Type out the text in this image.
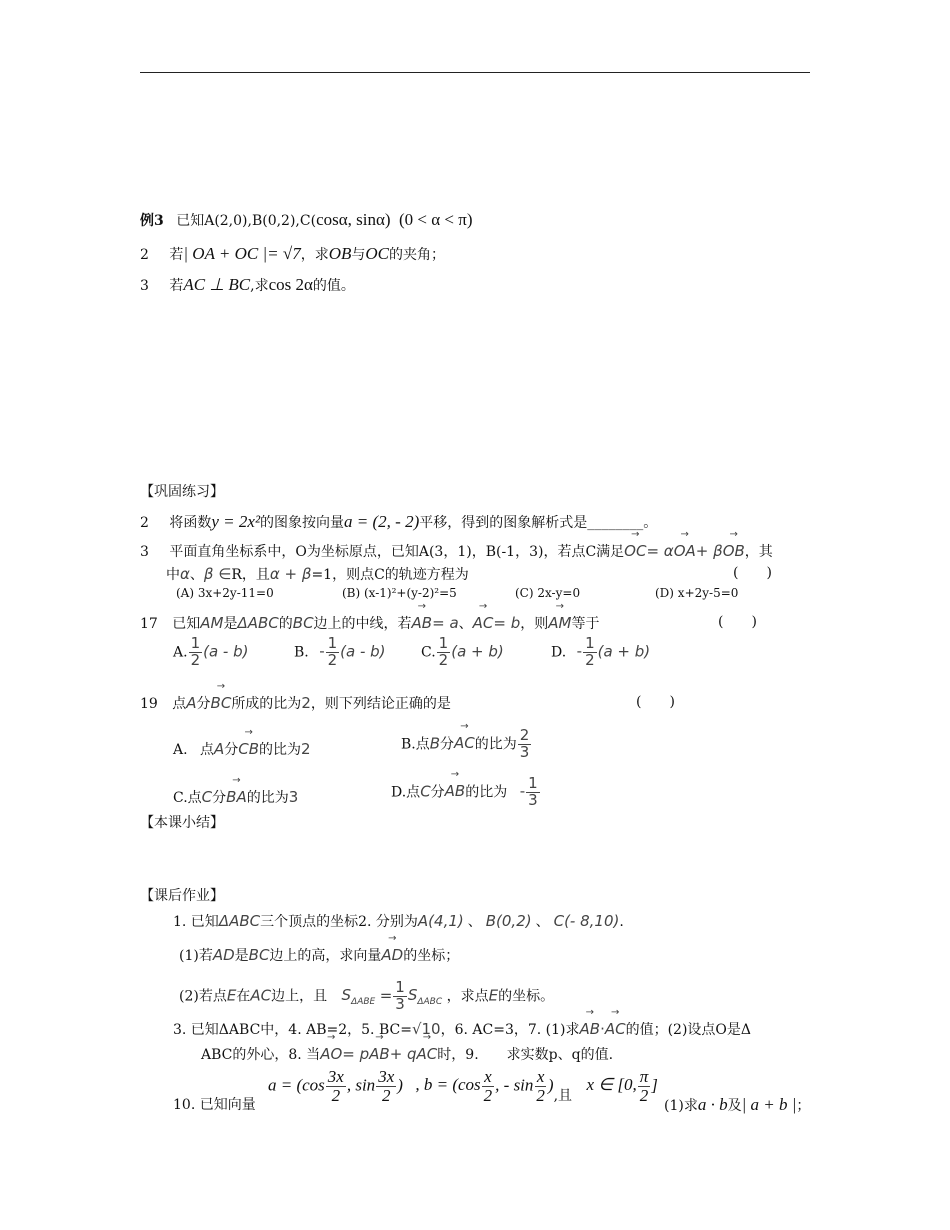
例3 已知A(2,0),B(0,2),C(cosα, sinα) (0 < α < π)
2 若| OA + OC |= √7，求OB与OC的夹角；
3 若AC ⊥ BC,求cos 2α的值。
【巩固练习】
2 将函数y = 2x²的图象按向量a = (2, - 2)平移，得到的图象解析式是________。
3 平面直角坐标系中，O为坐标原点，已知A(3，1)，B(-1，3)，若点C满足→ OC= α→ OA+ β→ OB，其
中α、β ∈R，且α + β=1，则点C的轨迹方程为	(　　)
(A) 3x+2y-11=0	(B) (x-1)²+(y-2)²=5	(C) 2x-y=0	(D) x+2y-5=0
17 已知AM是ΔABC的BC边上的中线，若→ AB= a、→ AC= b，则→ AM等于	(　　)
A. $\frac{1}{2} (a - b)$	B. - $\frac{1}{2} (a - b)$	C. $\frac{1}{2} (a + b)$	D. - $\frac{1}{2} (a + b)$
19 点A分→ BC所成的比为2，则下列结论正确的是	(　　)
A. 点A分→ CB的比为2	B.点B分→ AC的比为 $\frac{2}{3}$
C.点C分→ BA的比为3	D.点C分→ AB的比为 - $\frac{1}{3}$
【本课小结】
【课后作业】
1. 已知ΔABC三个顶点的坐标2. 分别为A(4,1) 、 B(0,2) 、 C(- 8,10).
(1)若AD是BC边上的高，求向量→ AD的坐标；
(2)若点E在AC边上，且 $S_{\Delta ABE} = \frac{1}{3} S_{\Delta ABC}$ ，求点E的坐标。
3. 已知ΔABC中，4. AB=2，5. BC=√10，6. AC=3，7. (1)求→ AB·→ AC的值；(2)设点O是Δ
ABC的外心，8. 当→ AO= p→ AB+ q→ AC时，9.　　求实数p、q的值.
10. 已知向量
$a = (\cos \frac{3x}{2}$ , $\sin \frac{3x}{2}$ ) , $b = (\cos \frac{x}{2}$ , - $\sin \frac{x}{2}$ ),且 x ∈ [0, $\frac{\pi}{2}$ ]
(1)求a · b及| a + b |；
